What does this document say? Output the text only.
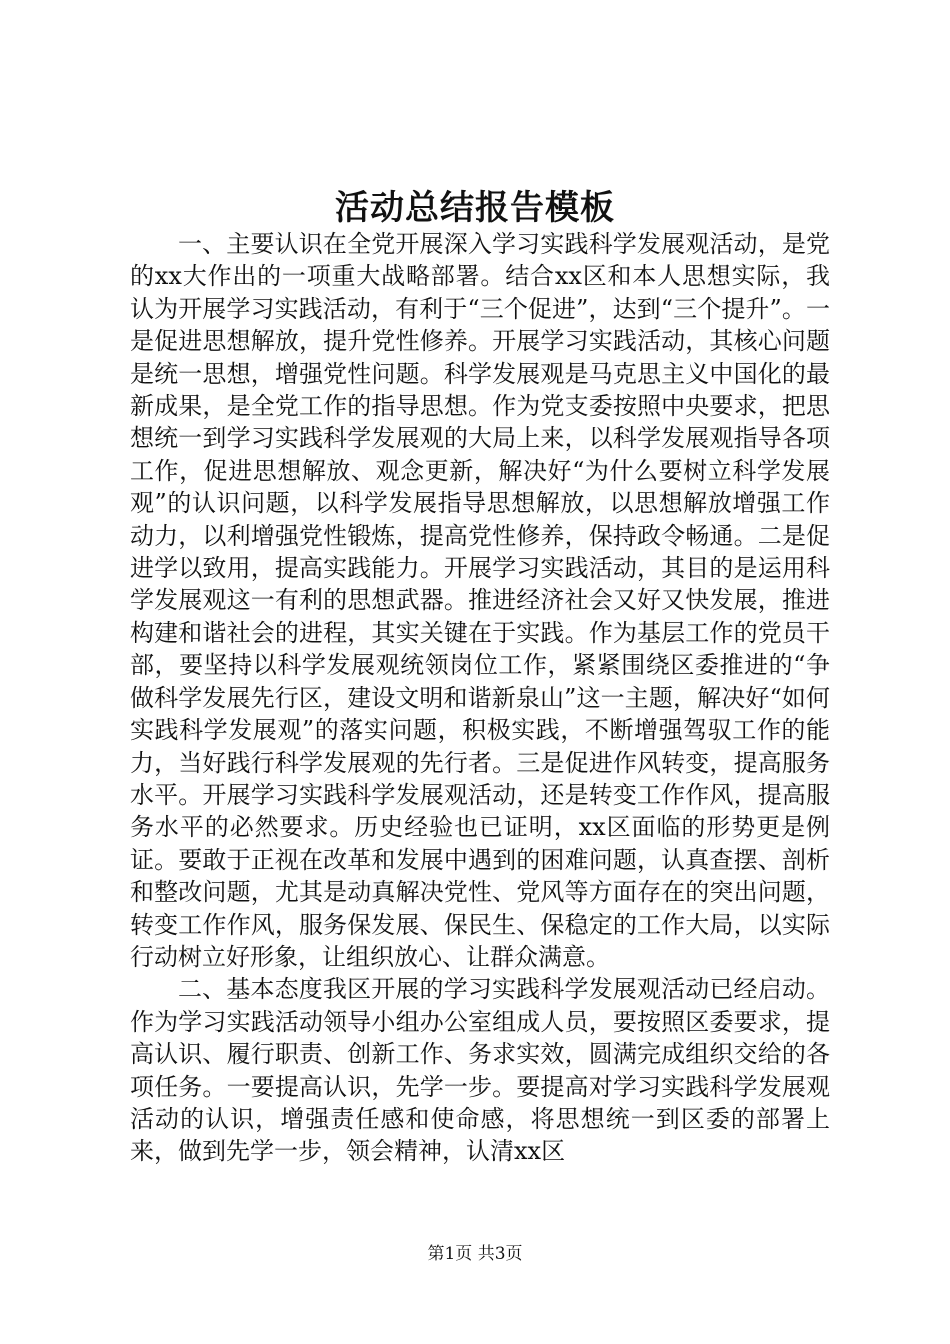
活动总结报告模板

一、主要认识在全党开展深入学习实践科学发展观活动，是党的xx大作出的一项重大战略部署。结合xx区和本人思想实际，我认为开展学习实践活动，有利于“三个促进”，达到“三个提升”。一是促进思想解放，提升党性修养。开展学习实践活动，其核心问题是统一思想，增强党性问题。科学发展观是马克思主义中国化的最新成果，是全党工作的指导思想。作为党支委按照中央要求，把思想统一到学习实践科学发展观的大局上来，以科学发展观指导各项工作，促进思想解放、观念更新，解决好“为什么要树立科学发展观”的认识问题，以科学发展指导思想解放，以思想解放增强工作动力，以利增强党性锻炼，提高党性修养，保持政令畅通。二是促进学以致用，提高实践能力。开展学习实践活动，其目的是运用科学发展观这一有利的思想武器。推进经济社会又好又快发展，推进构建和谐社会的进程，其实关键在于实践。作为基层工作的党员干部，要坚持以科学发展观统领岗位工作，紧紧围绕区委推进的“争做科学发展先行区，建设文明和谐新泉山”这一主题，解决好“如何实践科学发展观”的落实问题，积极实践，不断增强驾驭工作的能力，当好践行科学发展观的先行者。三是促进作风转变，提高服务水平。开展学习实践科学发展观活动，还是转变工作作风，提高服务水平的必然要求。历史经验也已证明，xx区面临的形势更是例证。要敢于正视在改革和发展中遇到的困难问题，认真查摆、剖析和整改问题，尤其是动真解决党性、党风等方面存在的突出问题，转变工作作风，服务保发展、保民生、保稳定的工作大局，以实际行动树立好形象，让组织放心、让群众满意。

二、基本态度我区开展的学习实践科学发展观活动已经启动。作为学习实践活动领导小组办公室组成人员，要按照区委要求，提高认识、履行职责、创新工作、务求实效，圆满完成组织交给的各项任务。一要提高认识，先学一步。要提高对学习实践科学发展观活动的认识，增强责任感和使命感，将思想统一到区委的部署上来，做到先学一步，领会精神，认清xx区

第1页 共3页
